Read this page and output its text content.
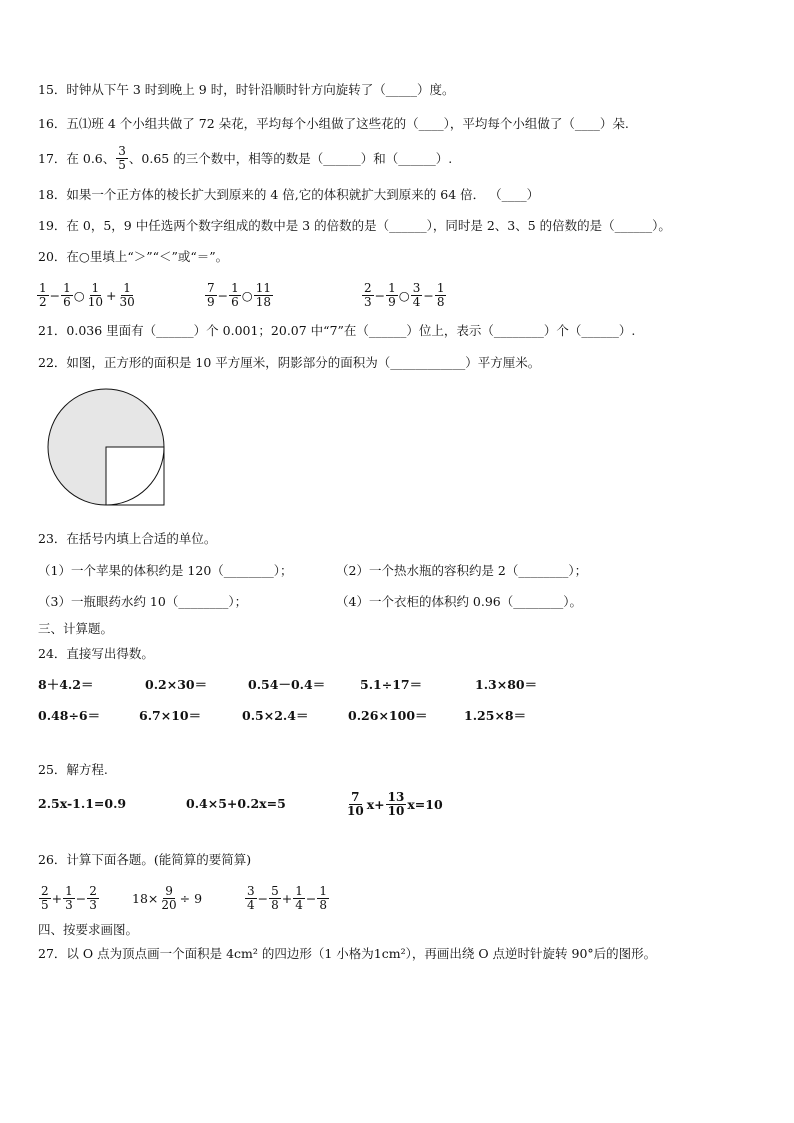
15．时钟从下午 3 时到晚上 9 时，时针沿顺时针方向旋转了（_____）度。
16．五⑴班 4 个小组共做了 72 朵花，平均每个小组做了这些花的（____），平均每个小组做了（____）朵.
17．在 0.6、 $\frac{3}{5}$ 、0.65 的三个数中，相等的数是（______）和（______）.
18．如果一个正方体的棱长扩大到原来的 4 倍,它的体积就扩大到原来的 64 倍． （____）
19．在 0，5，9 中任选两个数字组成的数中是 3 的倍数的是（______），同时是 2、3、5 的倍数的是（______）。
20．在○里填上“＞”“＜”或“＝”。
$\frac{1}{2} - \frac{1}{6}$ ○ $\frac{1}{10} + \frac{1}{30}$	$\frac{7}{9} - \frac{1}{6}$ ○ $\frac{11}{18}$	$\frac{2}{3} - \frac{1}{9}$ ○ $\frac{3}{4} - \frac{1}{8}$
21．0.036 里面有（______）个 0.001；20.07 中“7”在（______）位上，表示（________）个（______）.
22．如图，正方形的面积是 10 平方厘米，阴影部分的面积为（____________）平方厘米。
23．在括号内填上合适的单位。
（1）一个苹果的体积约是 120（________）；	（2）一个热水瓶的容积约是 2（________）；
（3）一瓶眼药水约 10（________）；	（4）一个衣柜的体积约 0.96（________）。
三、计算题。
24．直接写出得数。
8＋4.2＝	0.2×30＝	0.54－0.4＝	5.1÷17＝	1.3×80＝
0.48÷6＝	6.7×10＝	0.5×2.4＝	0.26×100＝	1.25×8＝
25．解方程.
2.5x-1.1=0.9	0.4×5+0.2x=5	$\frac{7}{10} x+ \frac{13}{10} x=10$
26．计算下面各题。(能简算的要简算)
$\frac{2}{5} + \frac{1}{3} - \frac{2}{3}$	$18\times \frac{9}{20} \div 9$	$\frac{3}{4} - \frac{5}{8} + \frac{1}{4} - \frac{1}{8}$
四、按要求画图。
27．以 O 点为顶点画一个面积是 4cm² 的四边形（1 小格为1cm²），再画出绕 O 点逆时针旋转 90°后的图形。
